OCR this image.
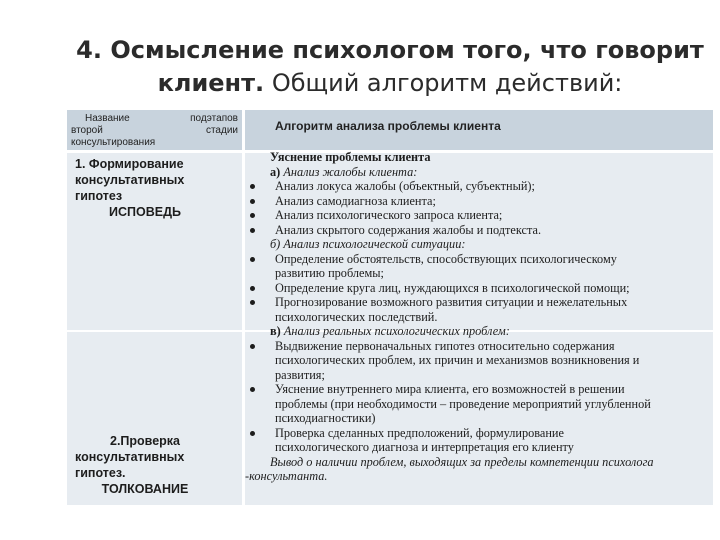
4. Осмысление психологом того, что говорит клиент. Общий алгоритм действий:
Название	подэтапов
второй	стадии
консультирования
Алгоритм анализа проблемы клиента
1. Формирование
консультативных
гипотез
ИСПОВЕДЬ
2.Проверка
консультативных
гипотез.
ТОЛКОВАНИЕ
Уяснение проблемы клиента
а) Анализ жалобы клиента:
Анализ локуса жалобы (объектный, субъектный);
Анализ самодиагноза клиента;
Анализ психологического запроса клиента;
Анализ скрытого содержания жалобы и подтекста.
б) Анализ психологической ситуации:
Определение обстоятельств, способствующих психологическому
развитию проблемы;
Определение круга лиц, нуждающихся в психологической помощи;
Прогнозирование возможного развития ситуации и нежелательных
психологических последствий.
в) Анализ реальных психологических проблем:
Выдвижение первоначальных гипотез относительно содержания
психологических проблем, их причин и механизмов возникновения и
развития;
Уяснение внутреннего мира клиента, его возможностей в решении
проблемы (при необходимости – проведение мероприятий углубленной
психодиагностики)
Проверка сделанных предположений, формулирование
психологического диагноза и интерпретация его клиенту
Вывод о наличии проблем, выходящих за пределы компетенции психолога
-консультанта.
